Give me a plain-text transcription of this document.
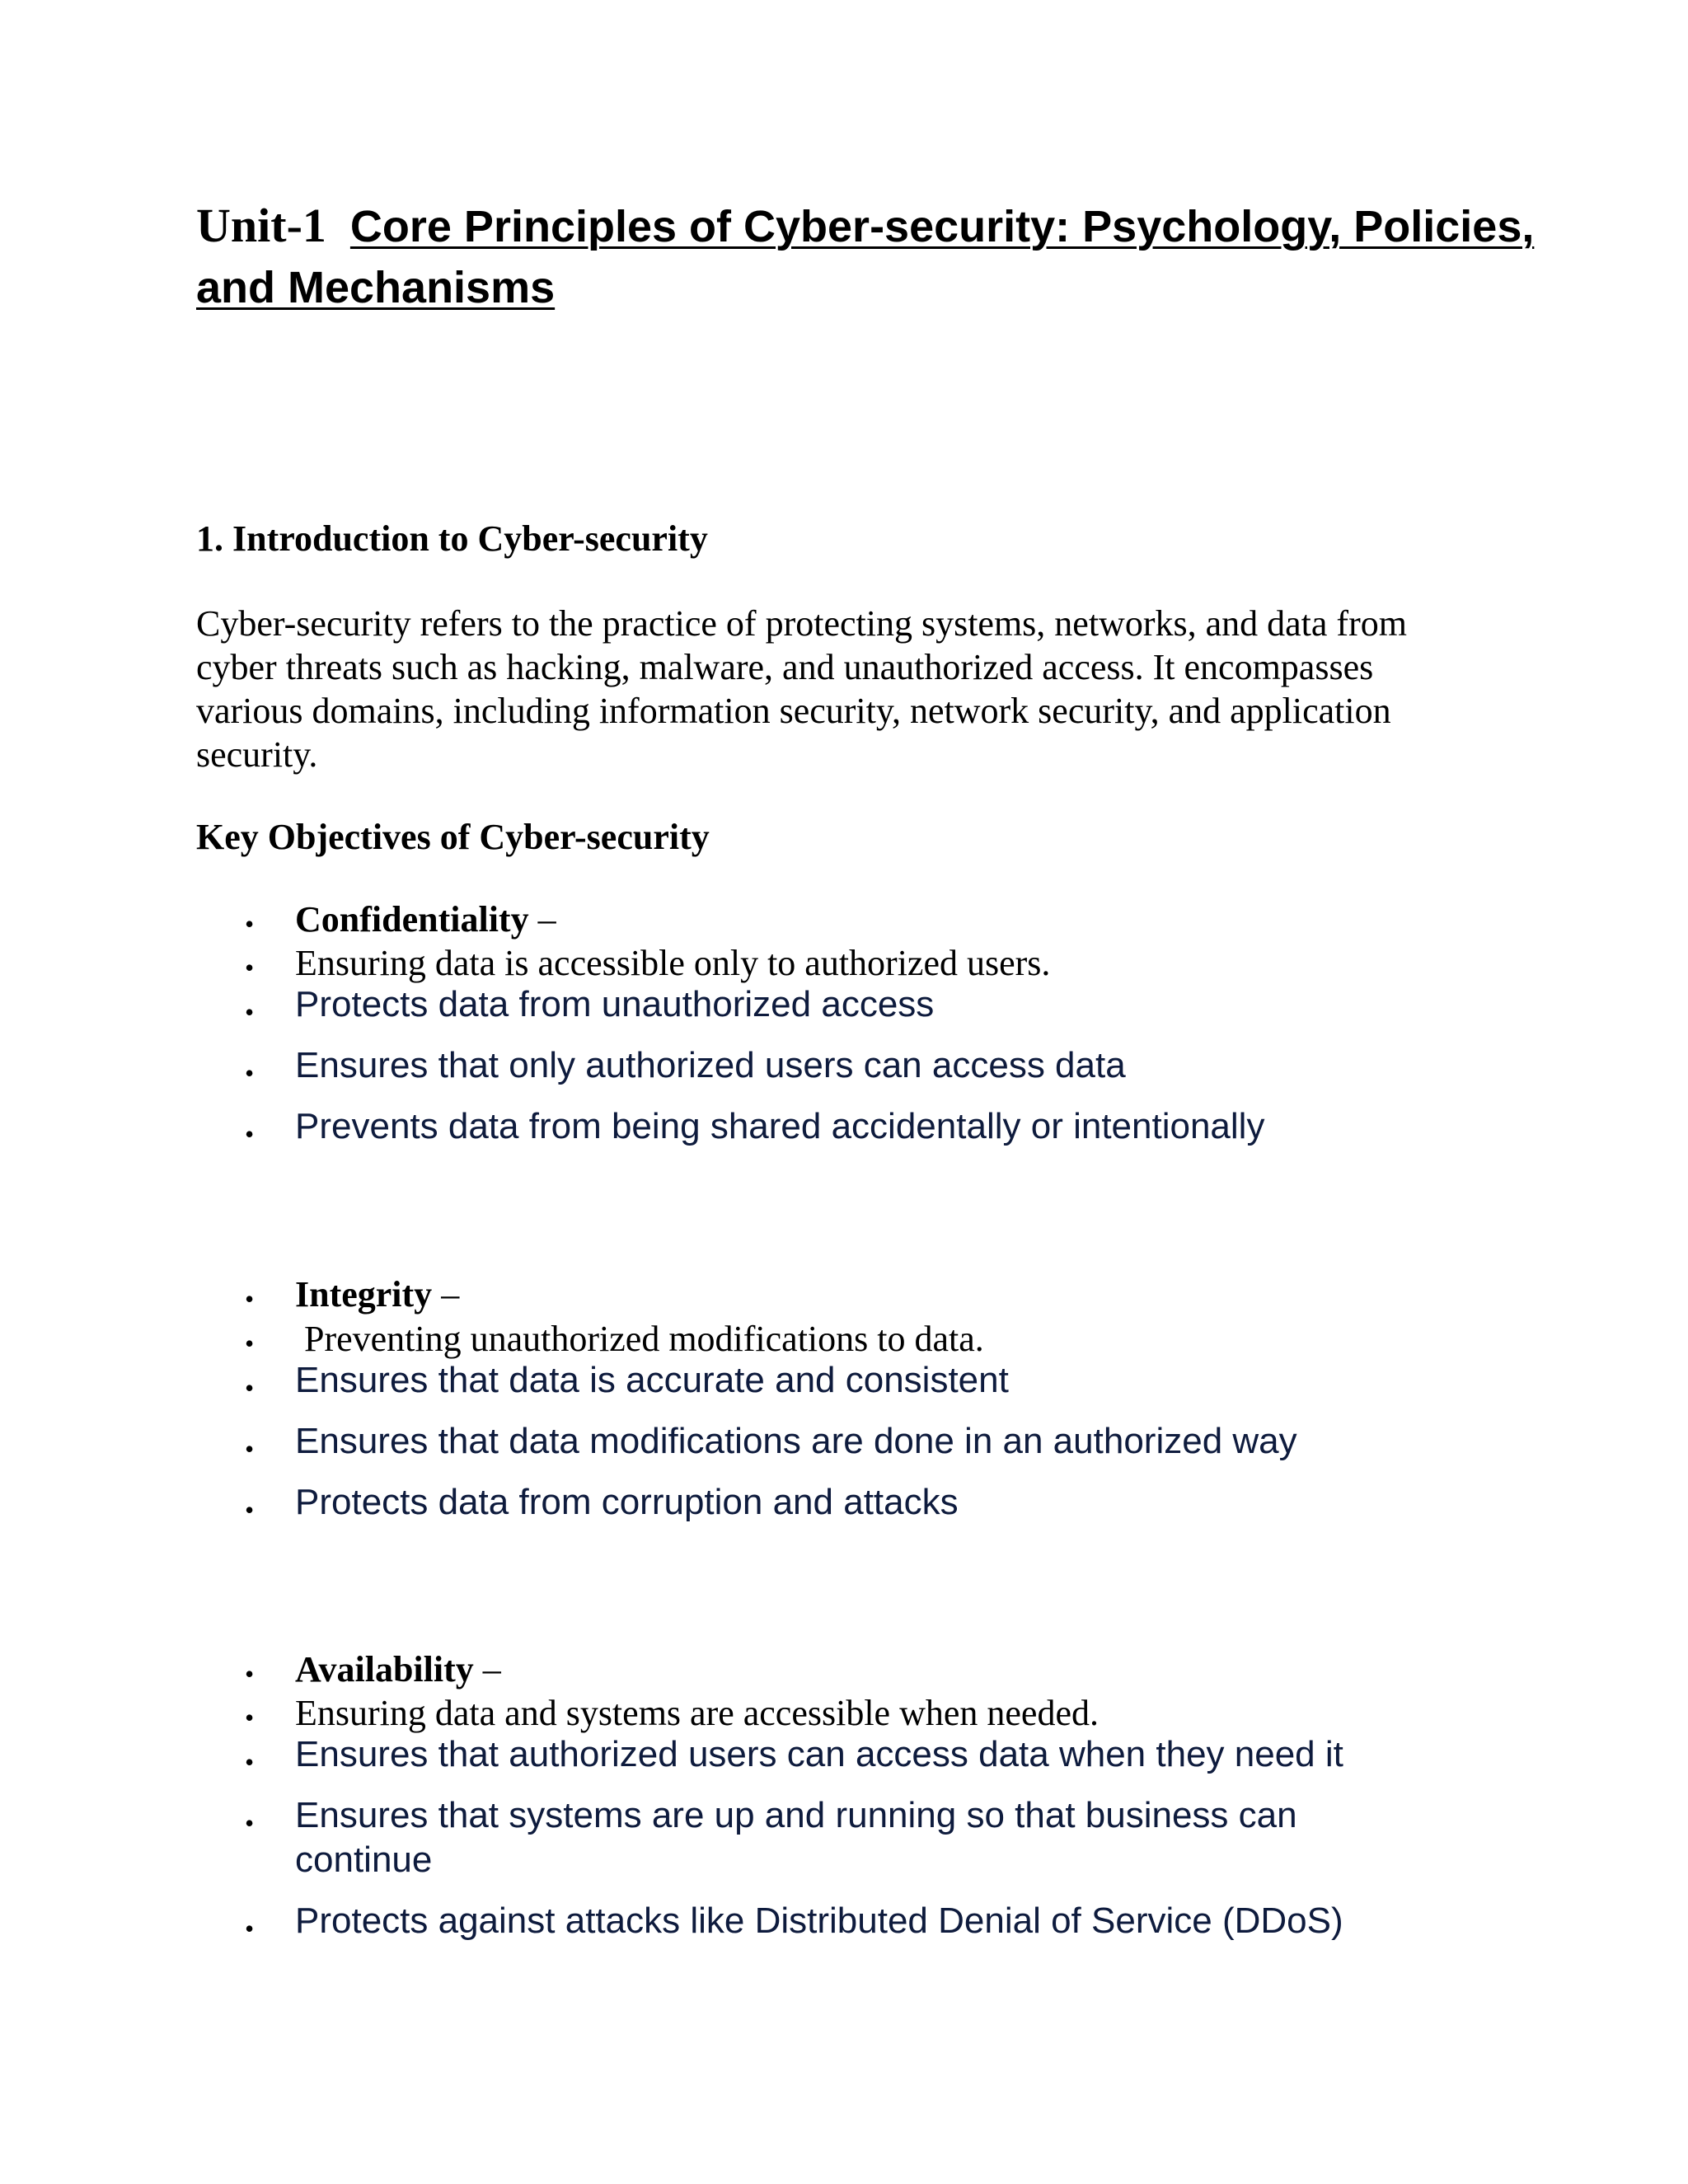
Unit-1 Core Principles of Cyber-security: Psychology, Policies,
and Mechanisms
1. Introduction to Cyber-security
Cyber-security refers to the practice of protecting systems, networks, and data from
cyber threats such as hacking, malware, and unauthorized access. It encompasses
various domains, including information security, network security, and application
security.
Key Objectives of Cyber-security
• Confidentiality –
• Ensuring data is accessible only to authorized users.
• Protects data from unauthorized access
• Ensures that only authorized users can access data
• Prevents data from being shared accidentally or intentionally
• Integrity –
• Preventing unauthorized modifications to data.
• Ensures that data is accurate and consistent
• Ensures that data modifications are done in an authorized way
• Protects data from corruption and attacks
• Availability –
• Ensuring data and systems are accessible when needed.
• Ensures that authorized users can access data when they need it
• Ensures that systems are up and running so that business can
continue
• Protects against attacks like Distributed Denial of Service (DDoS)
